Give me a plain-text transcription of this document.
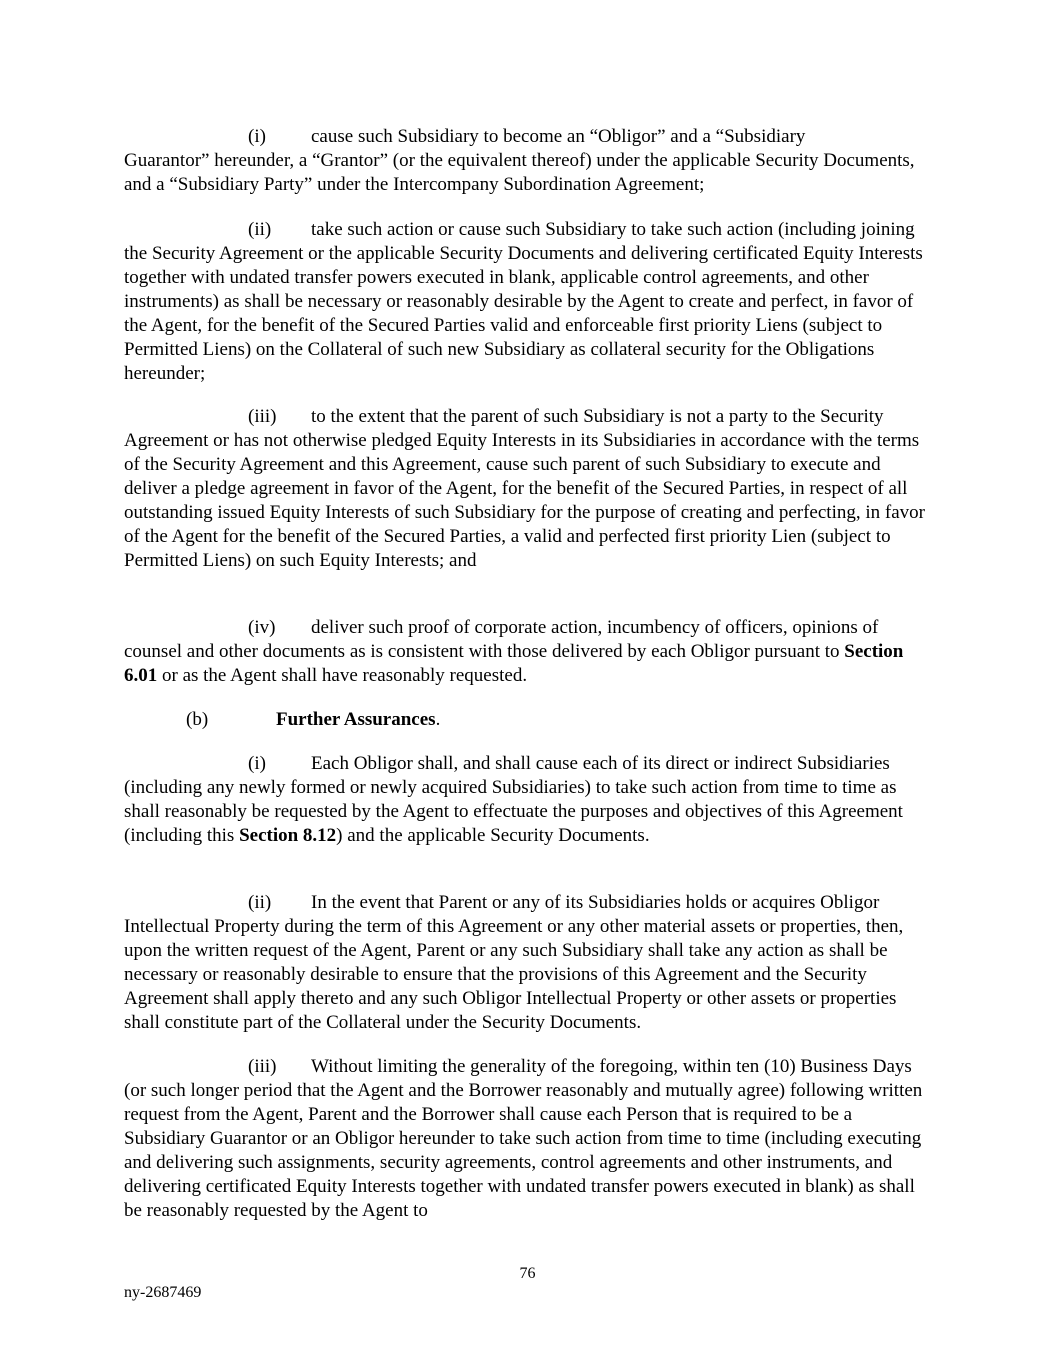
(i) cause such Subsidiary to become an “Obligor” and a “Subsidiary
Guarantor” hereunder, a “Grantor” (or the equivalent thereof) under the applicable Security Documents, and a “Subsidiary Party” under the Intercompany Subordination Agreement;

(ii) take such action or cause such Subsidiary to take such action (including joining the Security Agreement or the applicable Security Documents and delivering certificated Equity Interests together with undated transfer powers executed in blank, applicable control agreements, and other instruments) as shall be necessary or reasonably desirable by the Agent to create and perfect, in favor of the Agent, for the benefit of the Secured Parties valid and enforceable first priority Liens (subject to Permitted Liens) on the Collateral of such new Subsidiary as collateral security for the Obligations hereunder;

(iii) to the extent that the parent of such Subsidiary is not a party to the Security Agreement or has not otherwise pledged Equity Interests in its Subsidiaries in accordance with the terms of the Security Agreement and this Agreement, cause such parent of such Subsidiary to execute and deliver a pledge agreement in favor of the Agent, for the benefit of the Secured Parties, in respect of all outstanding issued Equity Interests of such Subsidiary for the purpose of creating and perfecting, in favor of the Agent for the benefit of the Secured Parties, a valid and perfected first priority Lien (subject to Permitted Liens) on such Equity Interests; and

(iv) deliver such proof of corporate action, incumbency of officers, opinions of counsel and other documents as is consistent with those delivered by each Obligor pursuant to Section 6.01 or as the Agent shall have reasonably requested.

(b)	Further Assurances.

(i) Each Obligor shall, and shall cause each of its direct or indirect Subsidiaries (including any newly formed or newly acquired Subsidiaries) to take such action from time to time as shall reasonably be requested by the Agent to effectuate the purposes and objectives of this Agreement (including this Section 8.12) and the applicable Security Documents.

(ii) In the event that Parent or any of its Subsidiaries holds or acquires Obligor Intellectual Property during the term of this Agreement or any other material assets or properties, then, upon the written request of the Agent, Parent or any such Subsidiary shall take any action as shall be necessary or reasonably desirable to ensure that the provisions of this Agreement and the Security Agreement shall apply thereto and any such Obligor Intellectual Property or other assets or properties shall constitute part of the Collateral under the Security Documents.

(iii) Without limiting the generality of the foregoing, within ten (10) Business Days (or such longer period that the Agent and the Borrower reasonably and mutually agree) following written request from the Agent, Parent and the Borrower shall cause each Person that is required to be a Subsidiary Guarantor or an Obligor hereunder to take such action from time to time (including executing and delivering such assignments, security agreements, control agreements and other instruments, and delivering certificated Equity Interests together with undated transfer powers executed in blank) as shall be reasonably requested by the Agent to

76
ny-2687469
